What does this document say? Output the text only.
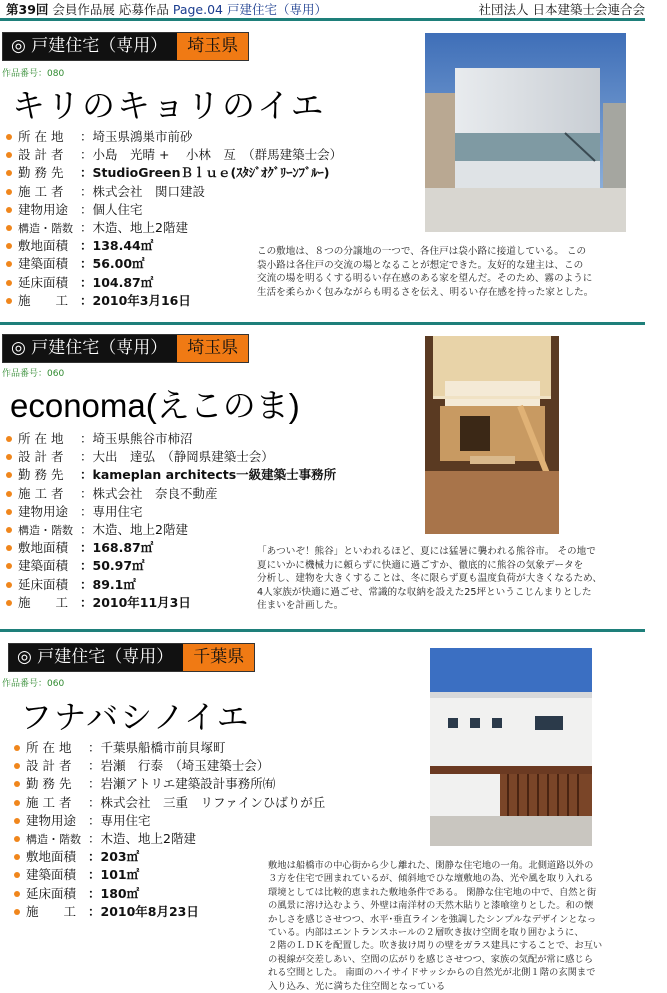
第39回 会員作品展 応募作品 Page.04 戸建住宅（専用）	社団法人 日本建築士会連合会
◎ 戸建住宅（専用）	埼玉県
作品番号：080
キリのキョリのイエ
所 在 地 ：埼玉県鴻巣市前砂
設 計 者 ：小島　光晴 + 　小林　亙　（群馬建築士会）
勤 務 先 ：StudioGreenＢｌｕｅ(ｽﾀｼﾞｵｸﾞﾘｰﾝﾌﾞﾙｰ)
施 工 者 ：株式会社　関口建設
建物用途 ：個人住宅
構造・階数 ：木造、地上2階建
敷地面積 ：138.44㎡
建築面積 ：56.00㎡
延床面積 ：104.87㎡
施　　工 ：2010年3月16日
この敷地は、８つの分譲地の一つで、各住戸は袋小路に接道している。 この
袋小路は各住戸の交流の場となることが想定できた。友好的な建主は、この
交流の場を明るくする明るい存在感のある家を望んだ。そのため、霧のように
生活を柔らかく包みながらも明るさを伝え、明るい存在感を持った家とした。
◎ 戸建住宅（専用）	埼玉県
作品番号：060
economa(えこのま)
所 在 地 ：埼玉県熊谷市柿沼
設 計 者 ：大出　達弘　（静岡県建築士会）
勤 務 先 ：kameplan architects一級建築士事務所
施 工 者 ：株式会社　奈良不動産
建物用途 ：専用住宅
構造・階数 ：木造、地上2階建
敷地面積 ：168.87㎡
建築面積 ：50.97㎡
延床面積 ：89.1㎡
施　　工 ：2010年11月3日
「あついぞ！熊谷」といわれるほど、夏には猛暑に襲われる熊谷市。 その地で
夏にいかに機械力に頼らずに快適に過ごすか、徹底的に熊谷の気象データを
分析し、建物を大きくすることは、冬に限らず夏も温度負荷が大きくなるため、
4人家族が快適に過ごせ、常識的な収納を設えた25坪というこじんまりとした
住まいを計画した。
◎ 戸建住宅（専用）	千葉県
作品番号：060
フナバシノイエ
所 在 地 ：千葉県船橋市前貝塚町
設 計 者 ：岩瀬　行泰　（埼玉建築士会）
勤 務 先 ：岩瀬アトリエ建築設計事務所㈲
施 工 者 ：株式会社　三重　リファインひばりが丘
建物用途 ：専用住宅
構造・階数 ：木造、地上2階建
敷地面積 ：203㎡
建築面積 ：101㎡
延床面積 ：180㎡
施　　工 ：2010年8月23日
敷地は船橋市の中心街から少し離れた、閑静な住宅地の一角。北側道路以外の
３方を住宅で囲まれているが、傾斜地でひな壇敷地の為、光や風を取り入れる
環境としては比較的恵まれた敷地条件である。 閑静な住宅地の中で、自然と街
の風景に溶け込むよう、外壁は南洋材の天然木貼りと漆喰塗りとした。和の懐
かしさを感じさせつつ、水平･垂直ラインを強調したシンプルなデザインとなっ
ている。内部はエントランスホールの２層吹き抜け空間を取り囲むように、
２階のＬＤＫを配置した。吹き抜け周りの壁をガラス建具にすることで、お互い
の視線が交差しあい、空間の広がりを感じさせつつ、家族の気配が常に感じら
れる空間とした。 南面のハイサイドサッシからの自然光が北側１階の玄関まで
入り込み、光に満ちた住空間となっている
